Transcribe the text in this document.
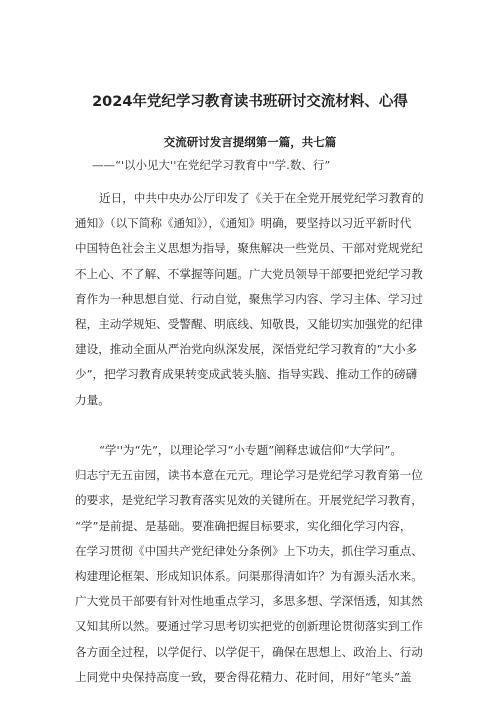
2024年党纪学习教育读书班研讨交流材料、心得
交流研讨发言提纲第一篇，共七篇
——“'以小见大''在党纪学习教育中''学.数、行”
近日，中共中央办公厅印发了《关于在全党开展党纪学习教育的
通知》（以下简称《通知》），《通知》明确，要坚持以习近平新时代
中国特色社会主义思想为指导，聚焦解决一些党员、干部对党规党纪
不上心、不了解、不掌握等问题。广大党员领导干部要把党纪学习教
育作为一种思想自觉、行动自觉，聚焦学习内容、学习主体、学习过
程，主动学规矩、受警醒、明底线、知敬畏，又能切实加强党的纪律
建设，推动全面从严治党向纵深发展，深悟党纪学习教育的“大小多
少”，把学习教育成果转变成武装头脑、指导实践、推动工作的磅礴
力量。
“学''为“先”，以理论学习“小专题”阐释忠诚信仰“大学问”。
归志宁无五亩园，读书本意在元元。理论学习是党纪学习教育第一位
的要求，是党纪学习教育落实见效的关键所在。开展党纪学习教育，
“学”是前提、是基础。要准确把握目标要求，实化细化学习内容，
在学习贯彻《中国共产党纪律处分条例》上下功夫，抓住学习重点、
构建理论框架、形成知识体系。问渠那得清如许？为有源头活水来。
广大党员干部要有针对性地重点学习，多思多想、学深悟透，知其然
又知其所以然。要通过学习思考切实把党的创新理论贯彻落实到工作
各方面全过程，以学促行、以学促干，确保在思想上、政治上、行动
上同党中央保持高度一致，要舍得花精力、花时间，用好“笔头”盖
